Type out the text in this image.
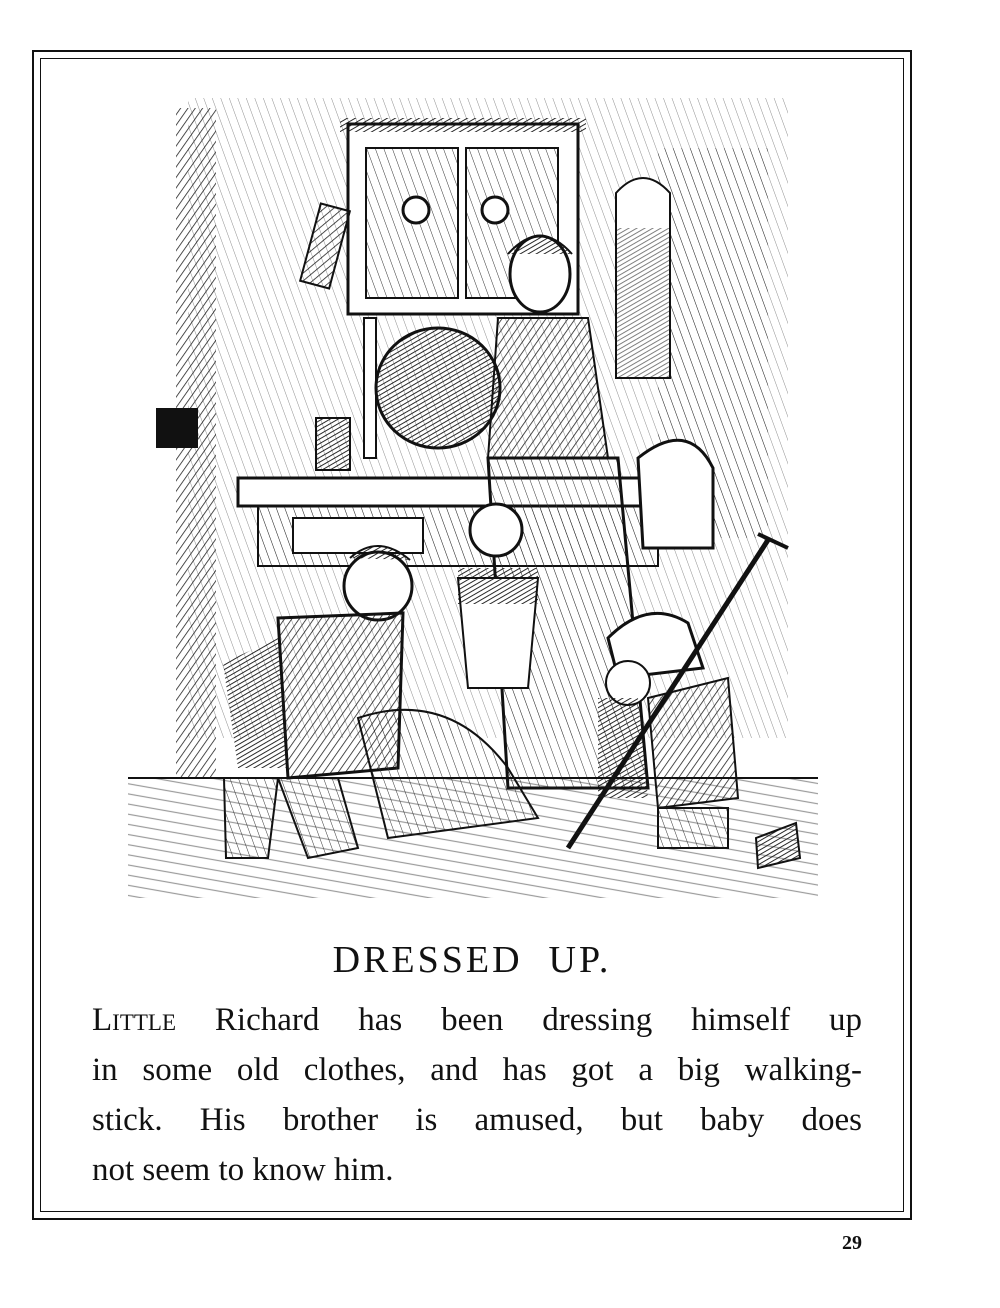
DRESSED UP.

Little Richard has been dressing himself up
in some old clothes, and has got a big walking-
stick. His brother is amused, but baby does
not seem to know him.

29
